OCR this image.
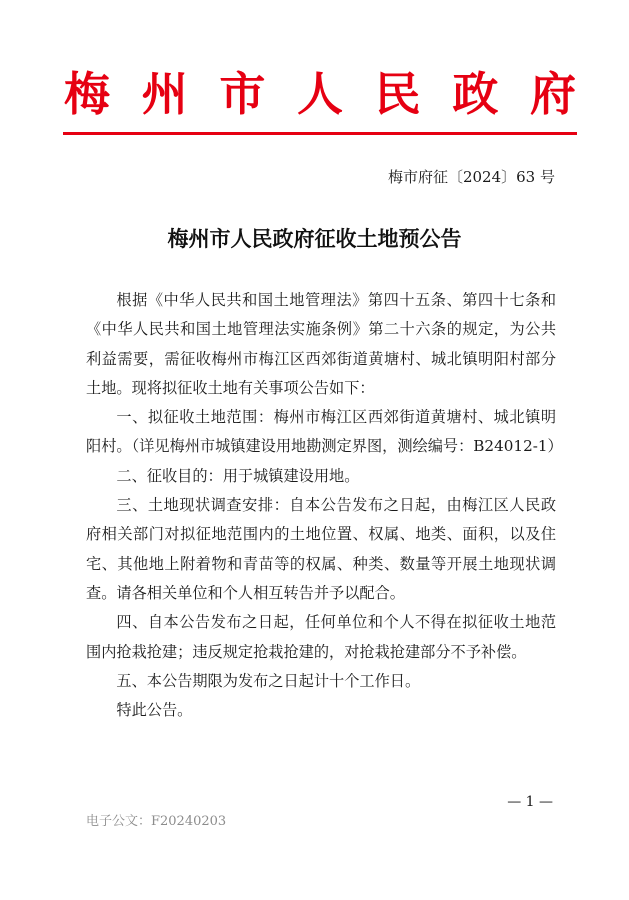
梅州市人民政府
梅市府征〔2024〕63 号
梅州市人民政府征收土地预公告

根据《中华人民共和国土地管理法》第四十五条、第四十七条和《中华人民共和国土地管理法实施条例》第二十六条的规定，为公共利益需要，需征收梅州市梅江区西郊街道黄塘村、城北镇明阳村部分土地。现将拟征收土地有关事项公告如下：

一、拟征收土地范围：梅州市梅江区西郊街道黄塘村、城北镇明阳村。（详见梅州市城镇建设用地勘测定界图，测绘编号：B24012-1）

二、征收目的：用于城镇建设用地。

三、土地现状调查安排：自本公告发布之日起，由梅江区人民政府相关部门对拟征地范围内的土地位置、权属、地类、面积，以及住宅、其他地上附着物和青苗等的权属、种类、数量等开展土地现状调查。请各相关单位和个人相互转告并予以配合。

四、自本公告发布之日起，任何单位和个人不得在拟征收土地范围内抢栽抢建；违反规定抢栽抢建的，对抢栽抢建部分不予补偿。

五、本公告期限为发布之日起计十个工作日。

特此公告。

— 1 —
电子公文：F20240203
